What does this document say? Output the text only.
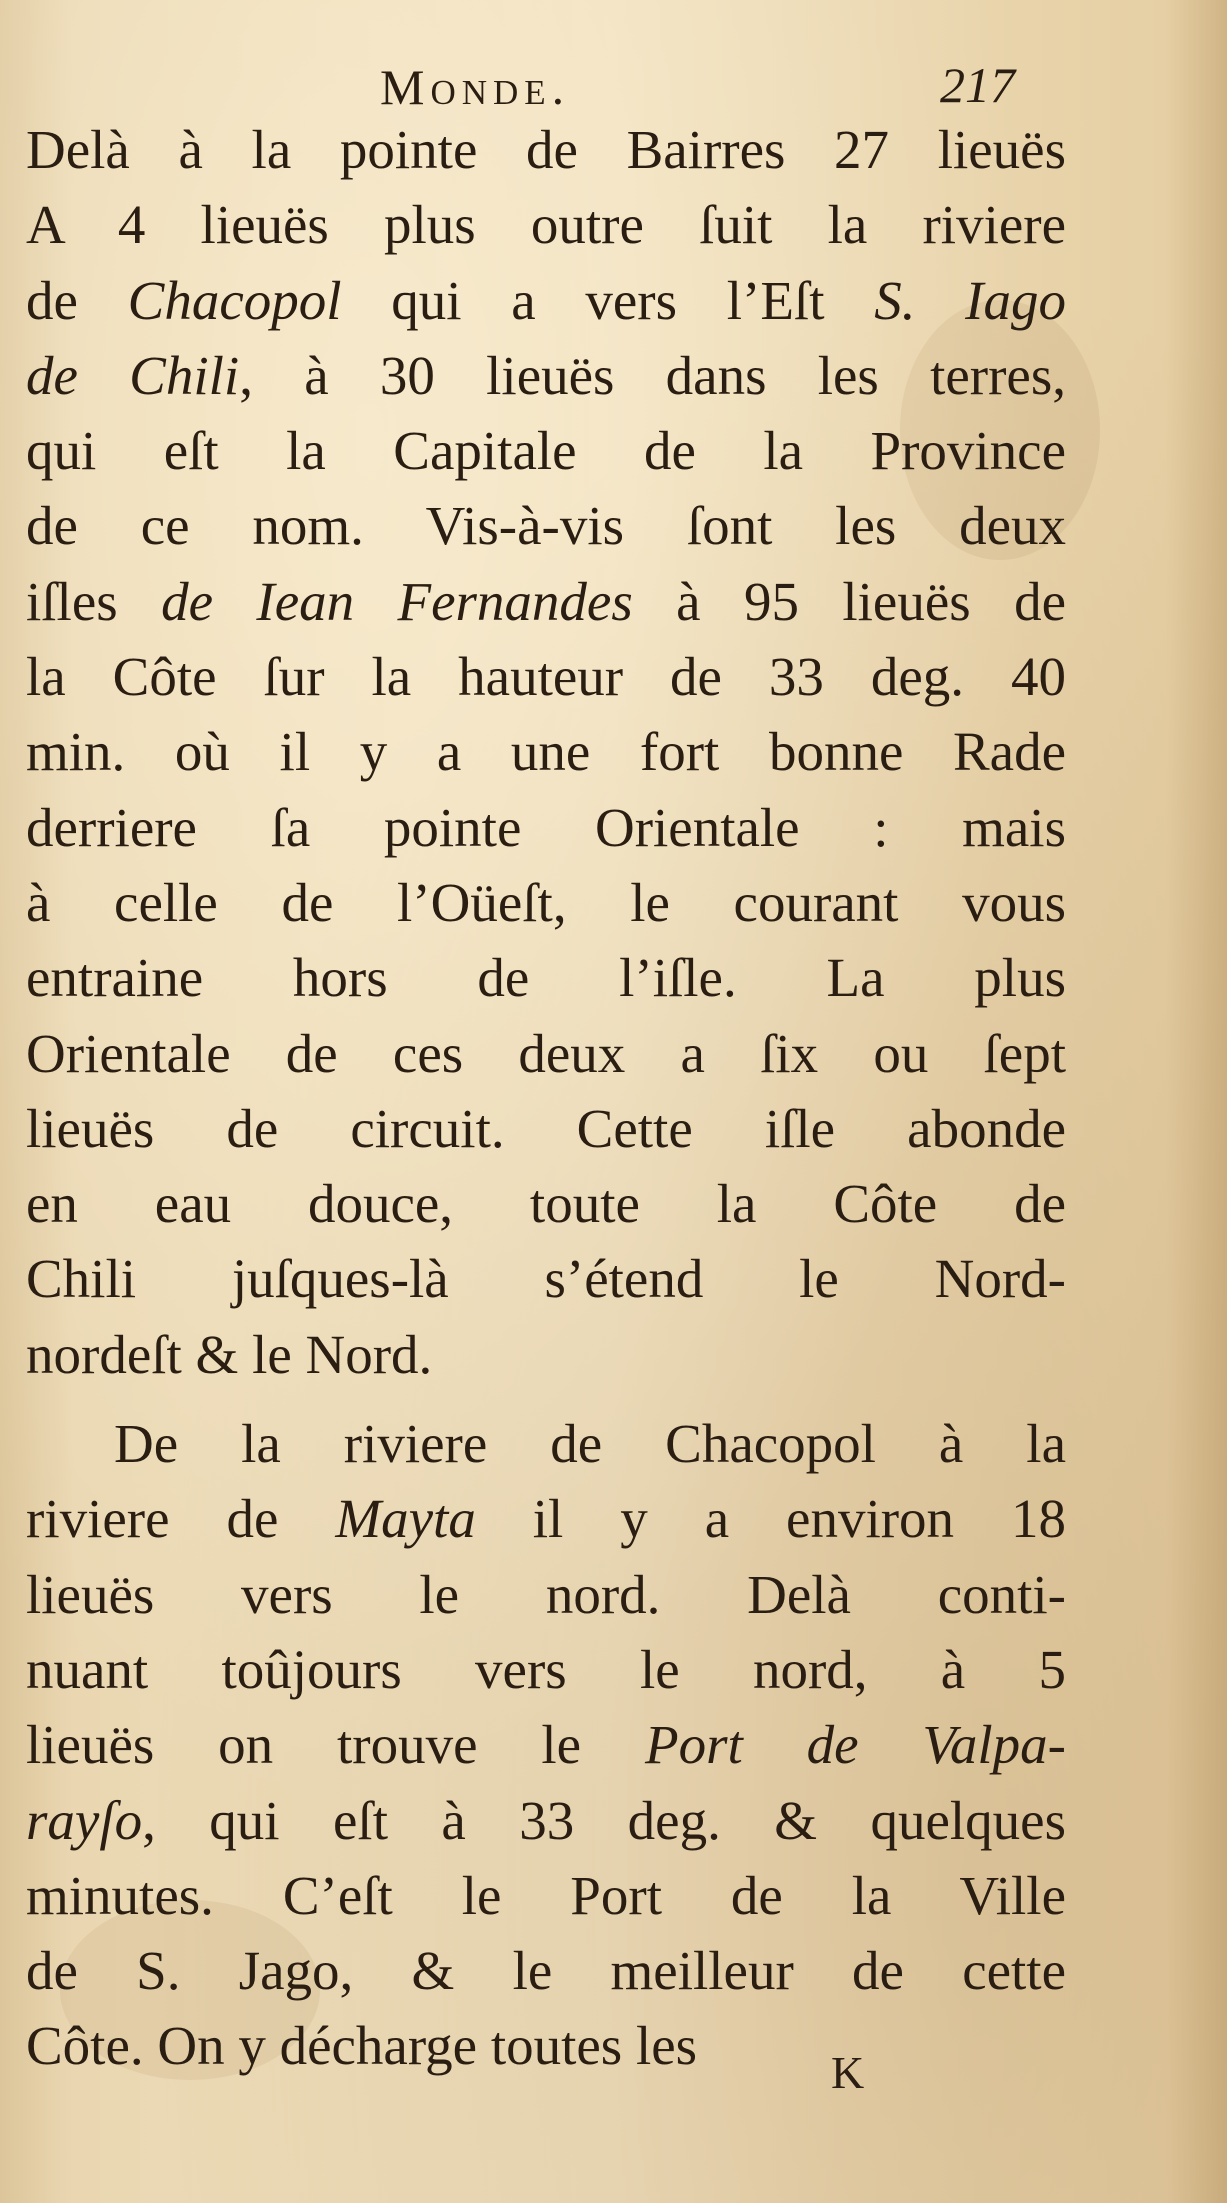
Monde.	217
Delà à la pointe de Bairres 27 lieuës
A 4 lieuës plus outre ſuit la riviere
de Chacopol qui a vers l’Eſt S. Iago
de Chili, à 30 lieuës dans les terres,
qui eſt la Capitale de la Province
de ce nom. Vis-à-vis ſont les deux
iſles de Iean Fernandes à 95 lieuës de
la Côte ſur la hauteur de 33 deg. 40
min. où il y a une fort bonne Rade
derriere ſa pointe Orientale : mais
à celle de l’Oüeſt, le courant vous
entraine hors de l’iſle. La plus
Orientale de ces deux a ſix ou ſept
lieuës de circuit. Cette iſle abonde
en eau douce, toute la Côte de
Chili juſques-là s’étend le Nord-
nordeſt & le Nord.
De la riviere de Chacopol à la
riviere de Mayta il y a environ 18
lieuës vers le nord. Delà conti-
nuant toûjours vers le nord, à 5
lieuës on trouve le Port de Valpa-
rayſo, qui eſt à 33 deg. & quelques
minutes. C’eſt le Port de la Ville
de S. Jago, & le meilleur de cette
Côte. On y décharge toutes les	K
